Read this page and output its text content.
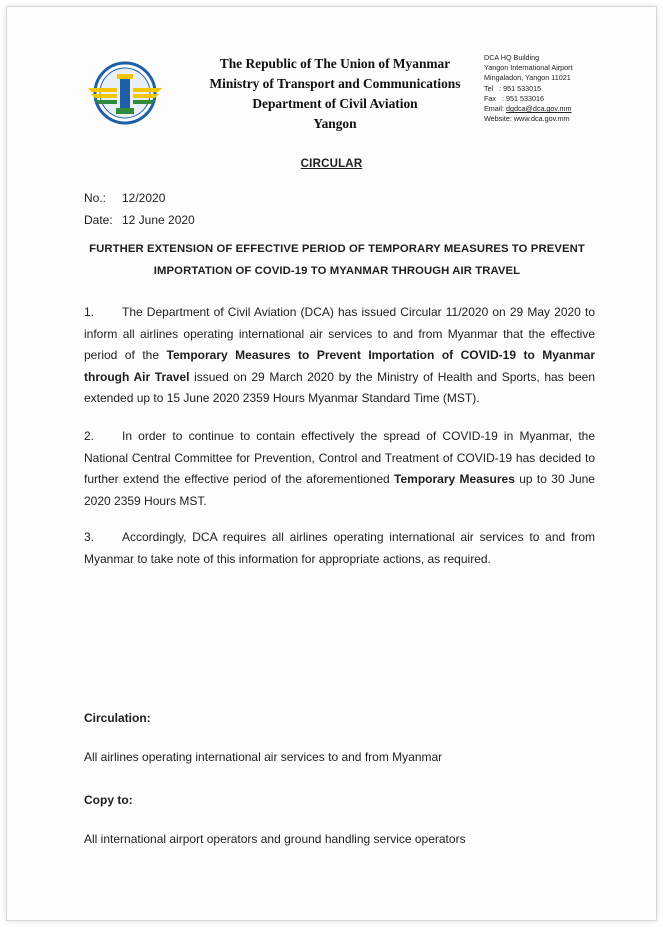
The Republic of The Union of Myanmar
Ministry of Transport and Communications
Department of Civil Aviation
Yangon
DCA HQ Building
Yangon International Airport
Mingaladon, Yangon 11021
Tel   : 951 533015
Fax   : 951 533016
Email: dgdca@dca.gov.mm
Website: www.dca.gov.mm
CIRCULAR
No.: 12/2020
Date: 12 June 2020
FURTHER EXTENSION OF EFFECTIVE PERIOD OF TEMPORARY MEASURES TO PREVENT
IMPORTATION OF COVID-19 TO MYANMAR THROUGH AIR TRAVEL
1. The Department of Civil Aviation (DCA) has issued Circular 11/2020 on 29 May 2020 to inform all airlines operating international air services to and from Myanmar that the effective period of the Temporary Measures to Prevent Importation of COVID-19 to Myanmar through Air Travel issued on 29 March 2020 by the Ministry of Health and Sports, has been extended up to 15 June 2020 2359 Hours Myanmar Standard Time (MST).
2. In order to continue to contain effectively the spread of COVID-19 in Myanmar, the National Central Committee for Prevention, Control and Treatment of COVID-19 has decided to further extend the effective period of the aforementioned Temporary Measures up to 30 June 2020 2359 Hours MST.
3. Accordingly, DCA requires all airlines operating international air services to and from Myanmar to take note of this information for appropriate actions, as required.
Circulation:
All airlines operating international air services to and from Myanmar
Copy to:
All international airport operators and ground handling service operators
